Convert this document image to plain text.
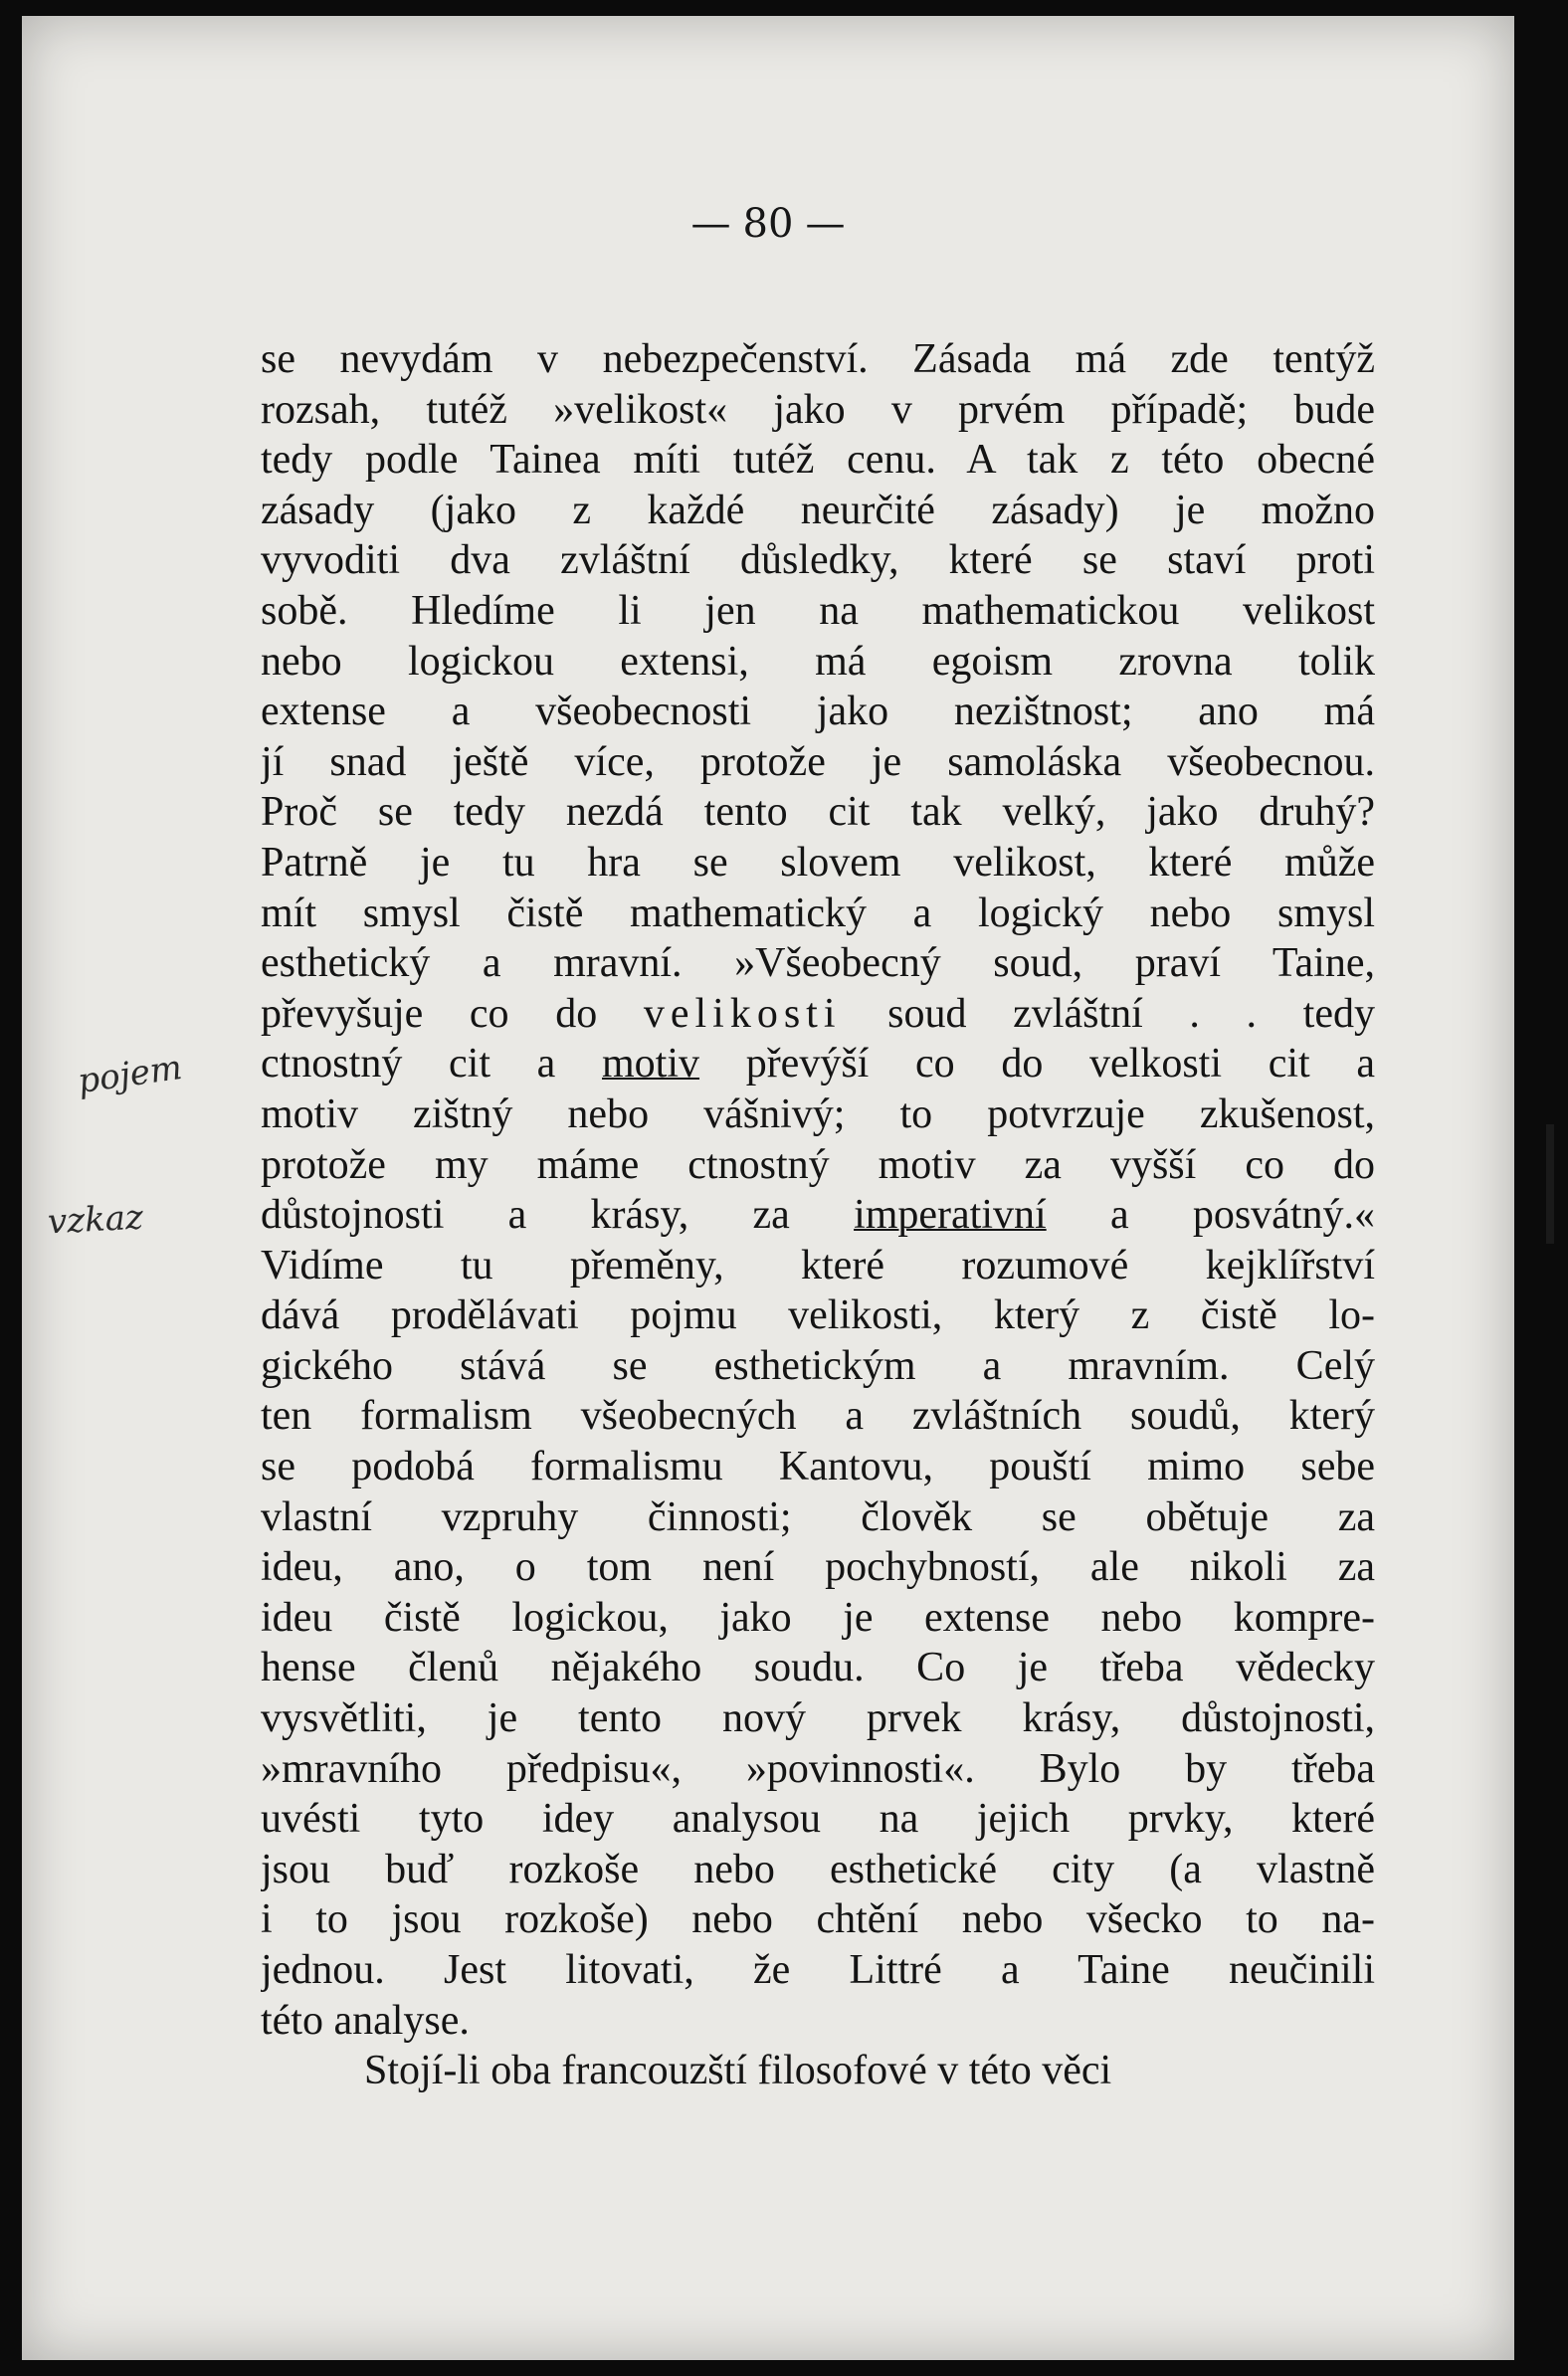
— 80 —
pojem
vzkaz
se nevydám v nebezpečenství. Zásada má zde tentýž
rozsah, tutéž »velikost« jako v prvém případě; bude
tedy podle Tainea míti tutéž cenu. A tak z této obecné
zásady (jako z každé neurčité zásady) je možno
vyvoditi dva zvláštní důsledky, které se staví proti
sobě. Hledíme li jen na mathematickou velikost
nebo logickou extensi, má egoism zrovna tolik
extense a všeobecnosti jako nezištnost; ano má
jí snad ještě více, protože je samoláska všeobecnou.
Proč se tedy nezdá tento cit tak velký, jako druhý?
Patrně je tu hra se slovem velikost, které může
mít smysl čistě mathematický a logický nebo smysl
esthetický a mravní. »Všeobecný soud, praví Taine,
převyšuje co do velikosti soud zvláštní . . tedy
ctnostný cit a motiv převýší co do velkosti cit a
motiv zištný nebo vášnivý; to potvrzuje zkušenost,
protože my máme ctnostný motiv za vyšší co do
důstojnosti a krásy, za imperativní a posvátný.«
Vidíme tu přeměny, které rozumové kejklířství
dává prodělávati pojmu velikosti, který z čistě lo-
gického stává se esthetickým a mravním. Celý
ten formalism všeobecných a zvláštních soudů, který
se podobá formalismu Kantovu, pouští mimo sebe
vlastní vzpruhy činnosti; člověk se obětuje za
ideu, ano, o tom není pochybností, ale nikoli za
ideu čistě logickou, jako je extense nebo kompre-
hense členů nějakého soudu. Co je třeba vědecky
vysvětliti, je tento nový prvek krásy, důstojnosti,
»mravního předpisu«, »povinnosti«. Bylo by třeba
uvésti tyto idey analysou na jejich prvky, které
jsou buď rozkoše nebo esthetické city (a vlastně
i to jsou rozkoše) nebo chtění nebo všecko to na-
jednou. Jest litovati, že Littré a Taine neučinili
této analyse.
Stojí-li oba francouzští filosofové v této věci
